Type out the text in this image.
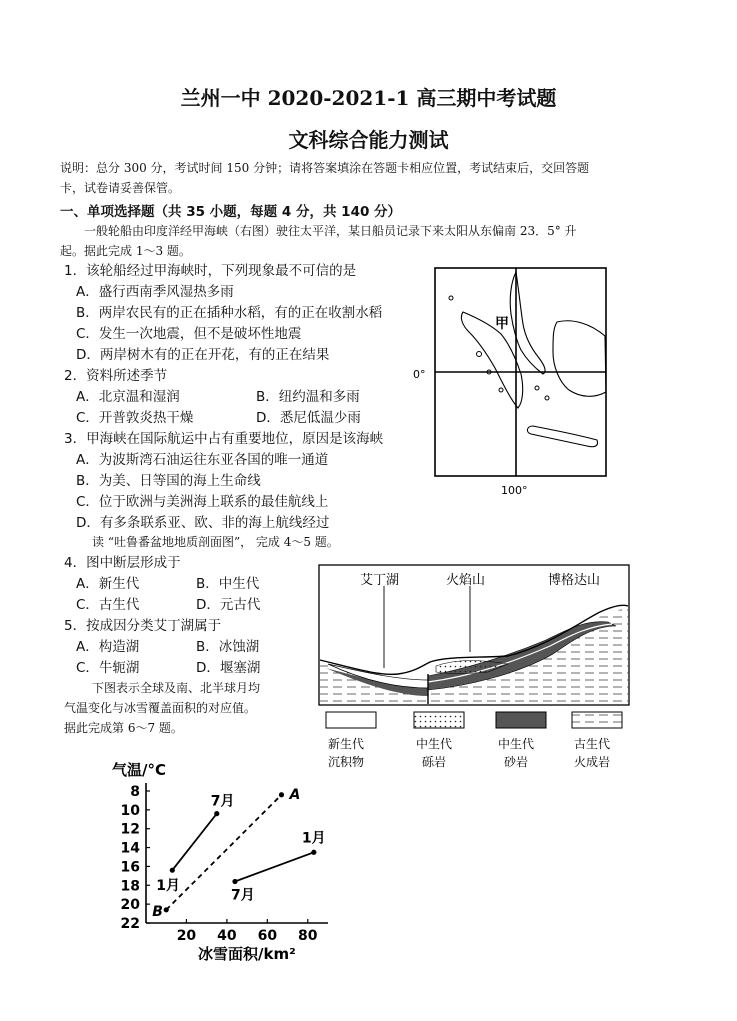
兰州一中 2020-2021-1 高三期中考试题
文科综合能力测试
说明：总分 300 分，考试时间 150 分钟；请将答案填涂在答题卡相应位置，考试结束后，交回答题
卡，试卷请妥善保管。
一、单项选择题（共 35 小题，每题 4 分，共 140 分）
一般轮船由印度洋经甲海峡（右图）驶往太平洋，某日船员记录下来太阳从东偏南 23．5° 升
起。据此完成 1～3 题。
1．该轮船经过甲海峡时，下列现象最不可信的是
A．盛行西南季风湿热多雨
B．两岸农民有的正在插种水稻，有的正在收割水稻
C．发生一次地震，但不是破坏性地震
D．两岸树木有的正在开花，有的正在结果
2．资料所述季节
A．北京温和湿润	B．纽约温和多雨
C．开普敦炎热干燥	D．悉尼低温少雨
3．甲海峡在国际航运中占有重要地位，原因是该海峡
A．为波斯湾石油运往东亚各国的唯一通道
B．为美、日等国的海上生命线
C．位于欧洲与美洲海上联系的最佳航线上
D．有多条联系亚、欧、非的海上航线经过
读 “吐鲁番盆地地质剖面图”， 完成 4～5 题。
4．图中断层形成于
A．新生代	B．中生代
C．古生代	D．元古代
5．按成因分类艾丁湖属于
A．构造湖	B．冰蚀湖
C．牛轭湖	D．堰塞湖
下图表示全球及南、北半球月均
气温变化与冰雪覆盖面积的对应值。
据此完成第 6～7 题。
甲
0°
100°
艾丁湖	火焰山	博格达山
新生代
沉积物
中生代
砾岩
中生代
砂岩
古生代
火成岩
气温/°C
冰雪面积/km²
8
10
12
14
16
18
20
22
20 40 60 80
1月
7月
B
A
7月
1月
